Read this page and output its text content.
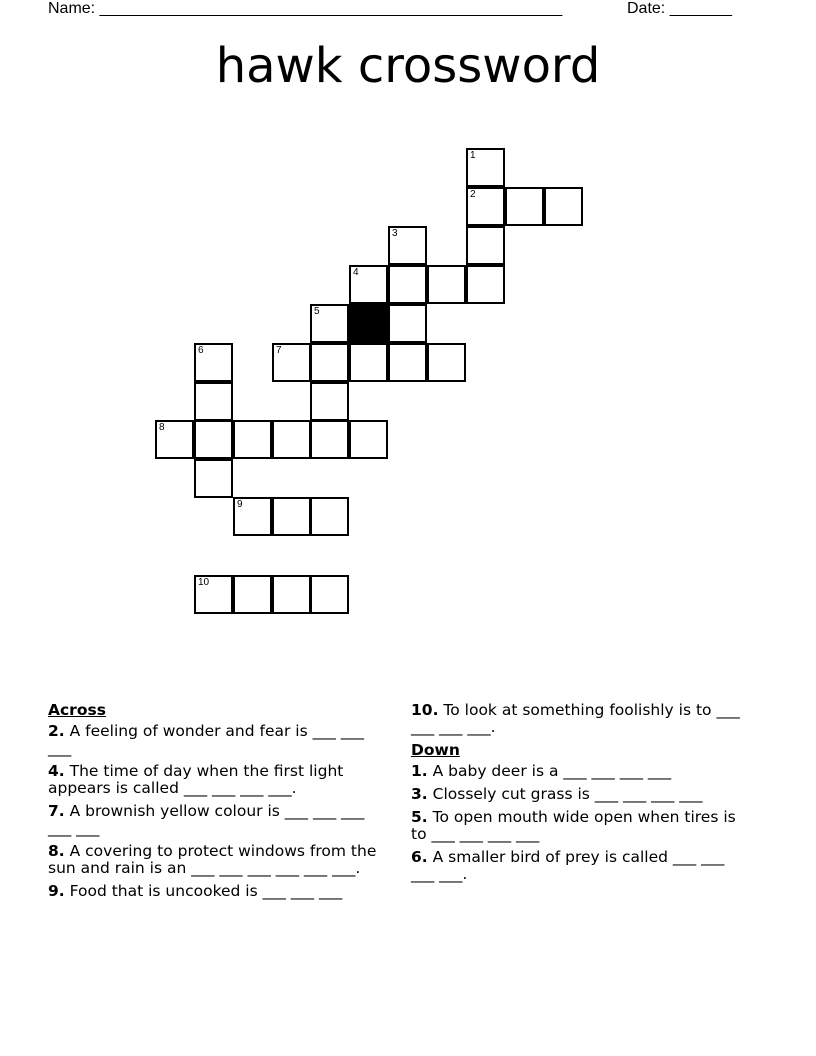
Name: ____________________________________________________	Date: _______
hawk crossword
1
2
3
4
5
6	7
8
9
10
Across
2. A feeling of wonder and fear is ___ ___ ___
4. The time of day when the first light appears is called ___ ___ ___ ___.
7. A brownish yellow colour is ___ ___ ___ ___ ___
8. A covering to protect windows from the sun and rain is an ___ ___ ___ ___ ___ ___.
9. Food that is uncooked is ___ ___ ___
10. To look at something foolishly is to ___ ___ ___ ___.
Down
1. A baby deer is a ___ ___ ___ ___
3. Clossely cut grass is ___ ___ ___ ___
5. To open mouth wide open when tires is to ___ ___ ___ ___
6. A smaller bird of prey is called ___ ___ ___ ___.
